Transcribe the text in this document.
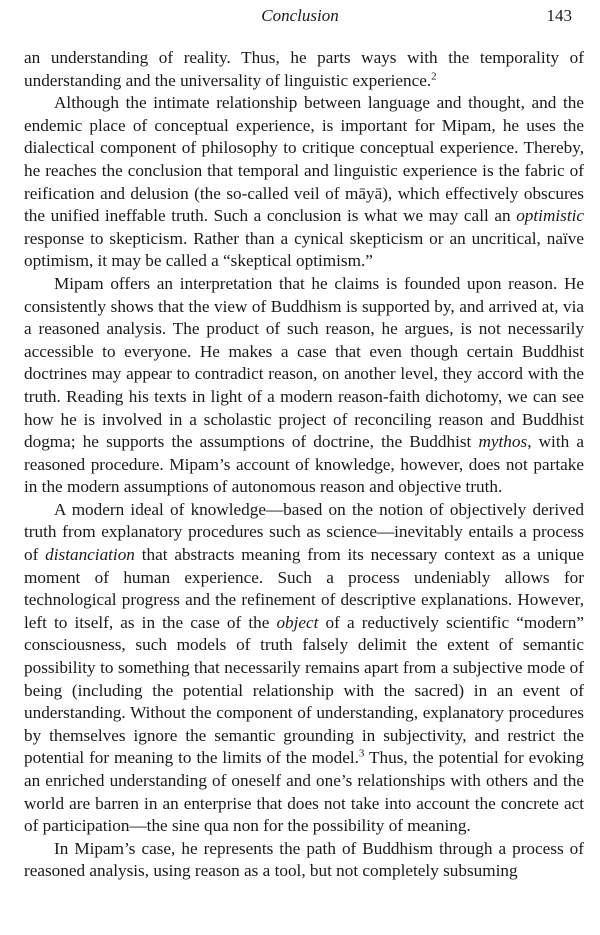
Conclusion	143

an understanding of reality. Thus, he parts ways with the temporality of understanding and the universality of linguistic experience.$^2$

Although the intimate relationship between language and thought, and the endemic place of conceptual experience, is important for Mipam, he uses the dialectical component of philosophy to critique conceptual experience. Thereby, he reaches the conclusion that temporal and linguistic experience is the fabric of reification and delusion (the so-called veil of māyā), which effectively obscures the unified ineffable truth. Such a conclusion is what we may call an optimistic response to skepticism. Rather than a cynical skepticism or an uncritical, naïve optimism, it may be called a “skeptical optimism.”

Mipam offers an interpretation that he claims is founded upon reason. He consistently shows that the view of Buddhism is supported by, and arrived at, via a reasoned analysis. The product of such reason, he argues, is not necessarily accessible to everyone. He makes a case that even though certain Buddhist doctrines may appear to contradict reason, on another level, they accord with the truth. Reading his texts in light of a modern reason-faith dichotomy, we can see how he is involved in a scholastic project of reconciling reason and Buddhist dogma; he supports the assumptions of doctrine, the Buddhist mythos, with a reasoned procedure. Mipam’s account of knowledge, however, does not partake in the modern assumptions of autonomous reason and objective truth.

A modern ideal of knowledge—based on the notion of objectively derived truth from explanatory procedures such as science—inevitably entails a process of distanciation that abstracts meaning from its necessary context as a unique moment of human experience. Such a process undeniably allows for technological progress and the refinement of descriptive explanations. However, left to itself, as in the case of the object of a reductively scientific “modern” consciousness, such models of truth falsely delimit the extent of semantic possibility to something that necessarily remains apart from a subjective mode of being (including the potential relationship with the sacred) in an event of understanding. Without the component of understanding, explanatory procedures by themselves ignore the semantic grounding in subjectivity, and restrict the potential for meaning to the limits of the model.$^3$ Thus, the potential for evoking an enriched understanding of oneself and one’s relationships with others and the world are barren in an enterprise that does not take into account the concrete act of participation—the sine qua non for the possibility of meaning.

In Mipam’s case, he represents the path of Buddhism through a process of reasoned analysis, using reason as a tool, but not completely subsuming
